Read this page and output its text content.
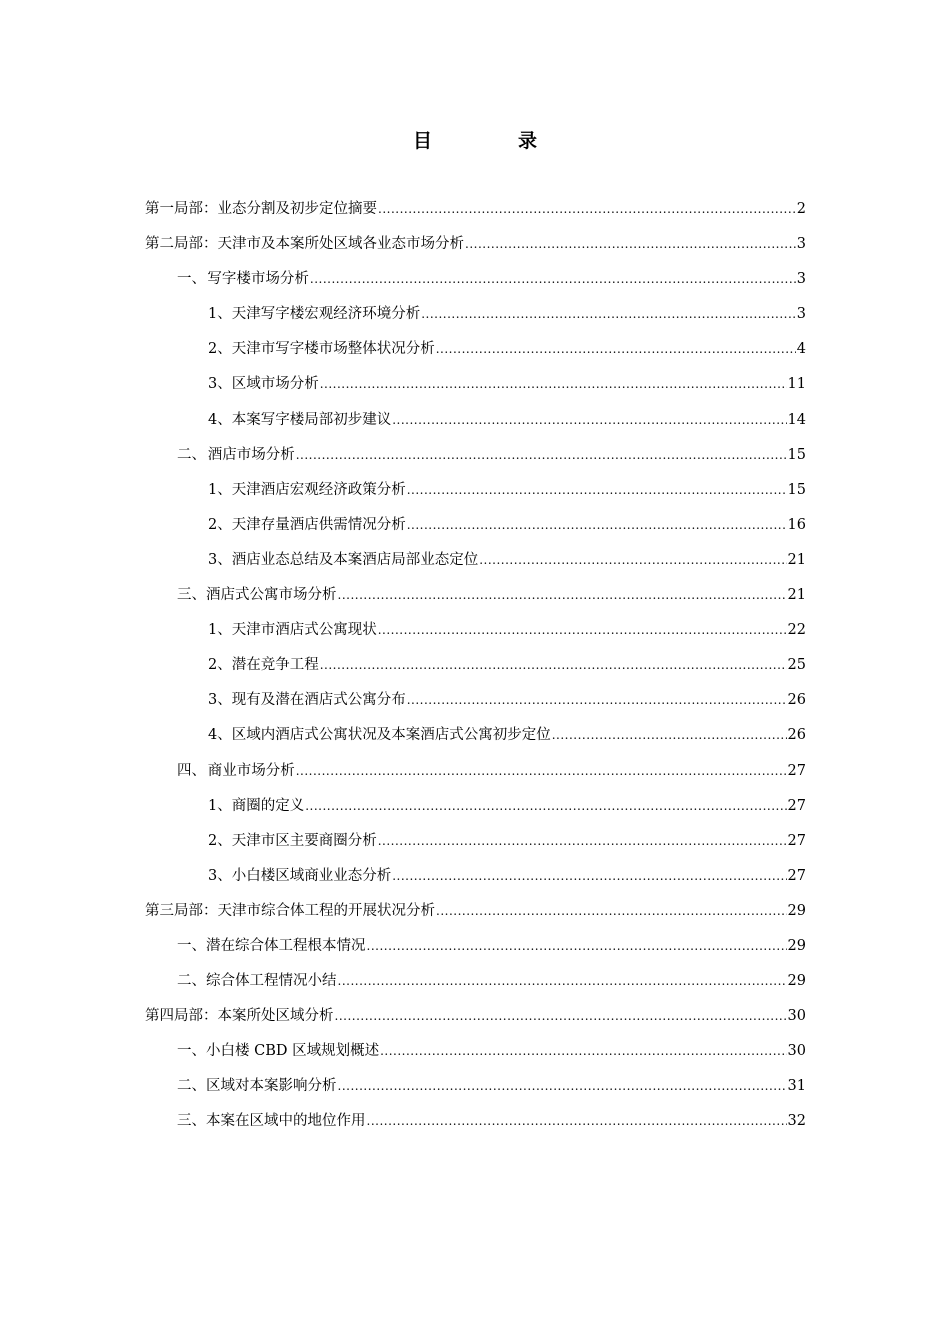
目	录
第一局部：业态分割及初步定位摘要 .....	2
第二局部：天津市及本案所处区域各业态市场分析 .....	3
一、 写字楼市场分析 .....	3
1、 天津写字楼宏观经济环境分析 .....	3
2、 天津市写字楼市场整体状况分析 .....	4
3、 区域市场分析 .....	11
4、 本案写字楼局部初步建议 .....	14
二、 酒店市场分析 .....	15
1、 天津酒店宏观经济政策分析 .....	15
2、 天津存量酒店供需情况分析 .....	16
3、 酒店业态总结及本案酒店局部业态定位 .....	21
三、 酒店式公寓市场分析 .....	21
1、 天津市酒店式公寓现状 .....	22
2、 潜在竞争工程 .....	25
3、 现有及潜在酒店式公寓分布 .....	26
4、 区域内酒店式公寓状况及本案酒店式公寓初步定位 .....	26
四、 商业市场分析 .....	27
1、 商圈的定义 .....	27
2、 天津市区主要商圈分析 .....	27
3、 小白楼区域商业业态分析 .....	27
第三局部：天津市综合体工程的开展状况分析 .....	29
一、 潜在综合体工程根本情况 .....	29
二、 综合体工程情况小结 .....	29
第四局部：本案所处区域分析 .....	30
一、 小白楼 CBD 区域规划概述 .....	30
二、 区域对本案影响分析 .....	31
三、 本案在区域中的地位作用 .....	32
